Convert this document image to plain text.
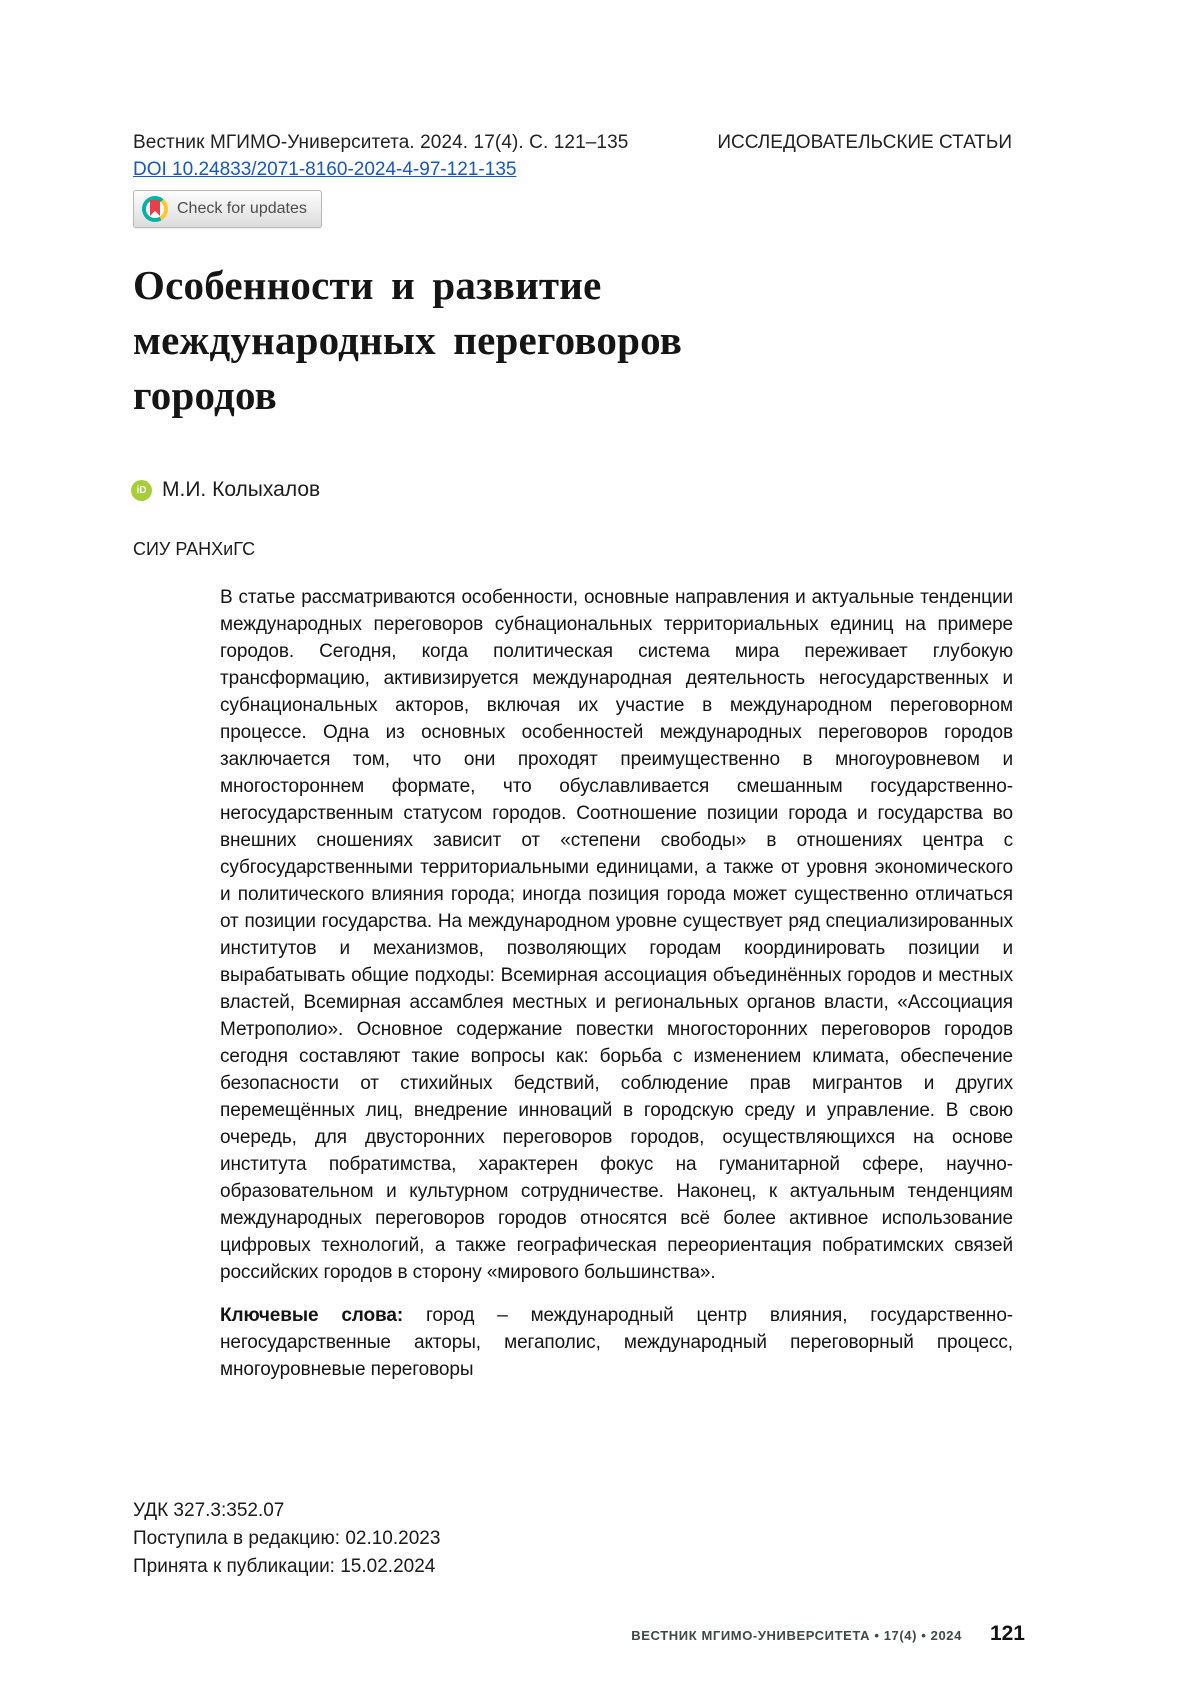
Вестник МГИМО-Университета. 2024. 17(4). С. 121–135	ИССЛЕДОВАТЕЛЬСКИЕ СТАТЬИ
DOI 10.24833/2071-8160-2024-4-97-121-135
Check for updates
Особенности и развитие международных переговоров городов
iD М.И. Колыхалов
СИУ РАНХиГС

В статье рассматриваются особенности, основные направления и актуальные тенденции международных переговоров субнациональных территориальных единиц на примере городов. Сегодня, когда политическая система мира переживает глубокую трансформацию, активизируется международная деятельность негосударственных и субнациональных акторов, включая их участие в международном переговорном процессе. Одна из основных особенностей международных переговоров городов заключается том, что они проходят преимущественно в многоуровневом и многостороннем формате, что обуславливается смешанным государственно-негосударственным статусом городов. Соотношение позиции города и государства во внешних сношениях зависит от «степени свободы» в отношениях центра с субгосударственными территориальными единицами, а также от уровня экономического и политического влияния города; иногда позиция города может существенно отличаться от позиции государства. На международном уровне существует ряд специализированных институтов и механизмов, позволяющих городам координировать позиции и вырабатывать общие подходы: Всемирная ассоциация объединённых городов и местных властей, Всемирная ассамблея местных и региональных органов власти, «Ассоциация Метрополио». Основное содержание повестки многосторонних переговоров городов сегодня составляют такие вопросы как: борьба с изменением климата, обеспечение безопасности от стихийных бедствий, соблюдение прав мигрантов и других перемещённых лиц, внедрение инноваций в городскую среду и управление. В свою очередь, для двусторонних переговоров городов, осуществляющихся на основе института побратимства, характерен фокус на гуманитарной сфере, научно-образовательном и культурном сотрудничестве. Наконец, к актуальным тенденциям международных переговоров городов относятся всё более активное использование цифровых технологий, а также географическая переориентация побратимских связей российских городов в сторону «мирового большинства».

Ключевые слова: город – международный центр влияния, государственно-негосударственные акторы, мегаполис, международный переговорный процесс, многоуровневые переговоры

УДК 327.3:352.07
Поступила в редакцию: 02.10.2023
Принята к публикации: 15.02.2024
ВЕСТНИК МГИМО-УНИВЕРСИТЕТА • 17(4) • 2024 121
